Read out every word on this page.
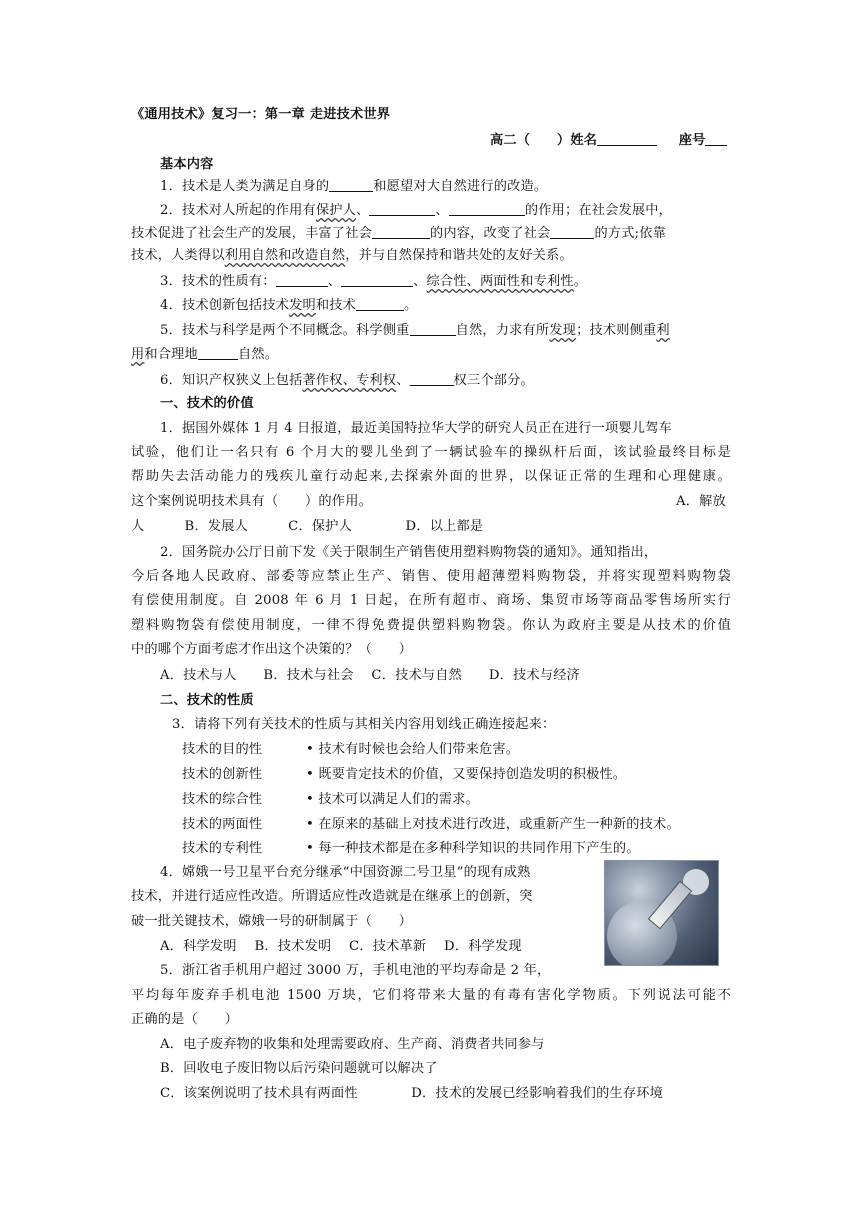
《通用技术》复习一：第一章 走进技术世界
高二（　　）姓名	座号
基本内容
1．技术是人类为满足自身的	和愿望对大自然进行的改造。
2．技术对人所起的作用有保护人、	、	的作用；在社会发展中，
技术促进了社会生产的发展，丰富了社会	的内容，改变了社会	的方式;依靠
技术，人类得以利用自然和改造自然，并与自然保持和谐共处的友好关系。
3．技术的性质有：	、	、综合性、两面性和专利性。
4．技术创新包括技术发明和技术	。
5．技术与科学是两个不同概念。科学侧重	自然，力求有所发现；技术则侧重利
用和合理地	自然。
6．知识产权狭义上包括著作权、专利权、	权三个部分。
一、技术的价值
1．据国外媒体 1 月 4 日报道，最近美国特拉华大学的研究人员正在进行一项婴儿驾车
试验，他们让一名只有 6 个月大的婴儿坐到了一辆试验车的操纵杆后面，该试验最终目标是
帮助失去活动能力的残疾儿童行动起来,去探索外面的世界，以保证正常的生理和心理健康。
这个案例说明技术具有（　　）的作用。	A．解放
人　　　B．发展人　　　C．保护人　　　　D．以上都是
2．国务院办公厅日前下发《关于限制生产销售使用塑料购物袋的通知》。通知指出，
今后各地人民政府、部委等应禁止生产、销售、使用超薄塑料购物袋，并将实现塑料购物袋
有偿使用制度。自 2008 年 6 月 1 日起，在所有超市、商场、集贸市场等商品零售场所实行
塑料购物袋有偿使用制度，一律不得免费提供塑料购物袋。你认为政府主要是从技术的价值
中的哪个方面考虑才作出这个决策的？（　　）
A．技术与人　　B．技术与社会　 C．技术与自然　　D．技术与经济
二、技术的性质
3．请将下列有关技术的性质与其相关内容用划线正确连接起来：
技术的目的性	• 技术有时候也会给人们带来危害。
技术的创新性	• 既要肯定技术的价值，又要保持创造发明的积极性。
技术的综合性	• 技术可以满足人们的需求。
技术的两面性	• 在原来的基础上对技术进行改进，或重新产生一种新的技术。
技术的专利性	• 每一种技术都是在多种科学知识的共同作用下产生的。
4．嫦娥一号卫星平台充分继承“中国资源二号卫星”的现有成熟
技术，并进行适应性改造。所谓适应性改造就是在继承上的创新，突
破一批关键技术，嫦娥一号的研制属于（　　）
A．科学发明　 B．技术发明　 C．技术革新　 D．科学发现
5．浙江省手机用户超过 3000 万，手机电池的平均寿命是 2 年，
平均每年废弃手机电池 1500 万块，它们将带来大量的有毒有害化学物质。下列说法可能不
正确的是（　　）
A．电子废弃物的收集和处理需要政府、生产商、消费者共同参与
B．回收电子废旧物以后污染问题就可以解决了
C．该案例说明了技术具有两面性　　　　D．技术的发展已经影响着我们的生存环境
